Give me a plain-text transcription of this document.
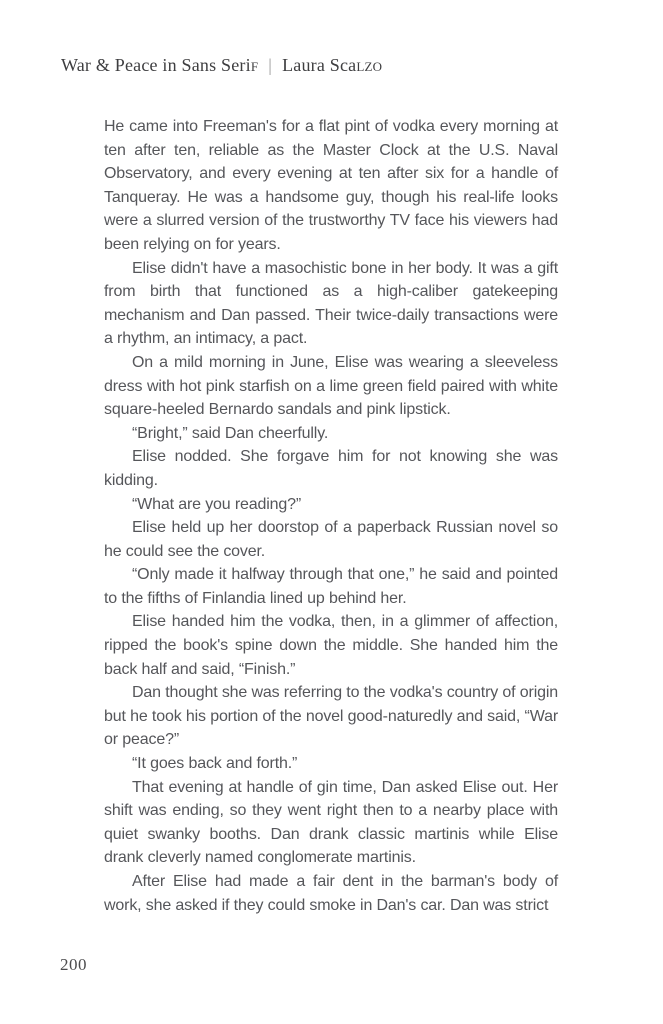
War & Peace in Sans Serif | Laura Scalzo

He came into Freeman's for a flat pint of vodka every morning at ten after ten, reliable as the Master Clock at the U.S. Naval Observatory, and every evening at ten after six for a handle of Tanqueray. He was a handsome guy, though his real-life looks were a slurred version of the trustworthy TV face his viewers had been relying on for years.

Elise didn't have a masochistic bone in her body. It was a gift from birth that functioned as a high-caliber gatekeeping mechanism and Dan passed. Their twice-daily transactions were a rhythm, an intimacy, a pact.

On a mild morning in June, Elise was wearing a sleeveless dress with hot pink starfish on a lime green field paired with white square-heeled Bernardo sandals and pink lipstick.

“Bright,” said Dan cheerfully.

Elise nodded. She forgave him for not knowing she was kidding.

“What are you reading?”

Elise held up her doorstop of a paperback Russian novel so he could see the cover.

“Only made it halfway through that one,” he said and pointed to the fifths of Finlandia lined up behind her.

Elise handed him the vodka, then, in a glimmer of affection, ripped the book's spine down the middle. She handed him the back half and said, “Finish.”

Dan thought she was referring to the vodka's country of origin but he took his portion of the novel good-naturedly and said, “War or peace?”

“It goes back and forth.”

That evening at handle of gin time, Dan asked Elise out. Her shift was ending, so they went right then to a nearby place with quiet swanky booths. Dan drank classic martinis while Elise drank cleverly named conglomerate martinis.

After Elise had made a fair dent in the barman's body of work, she asked if they could smoke in Dan's car. Dan was strict

200
